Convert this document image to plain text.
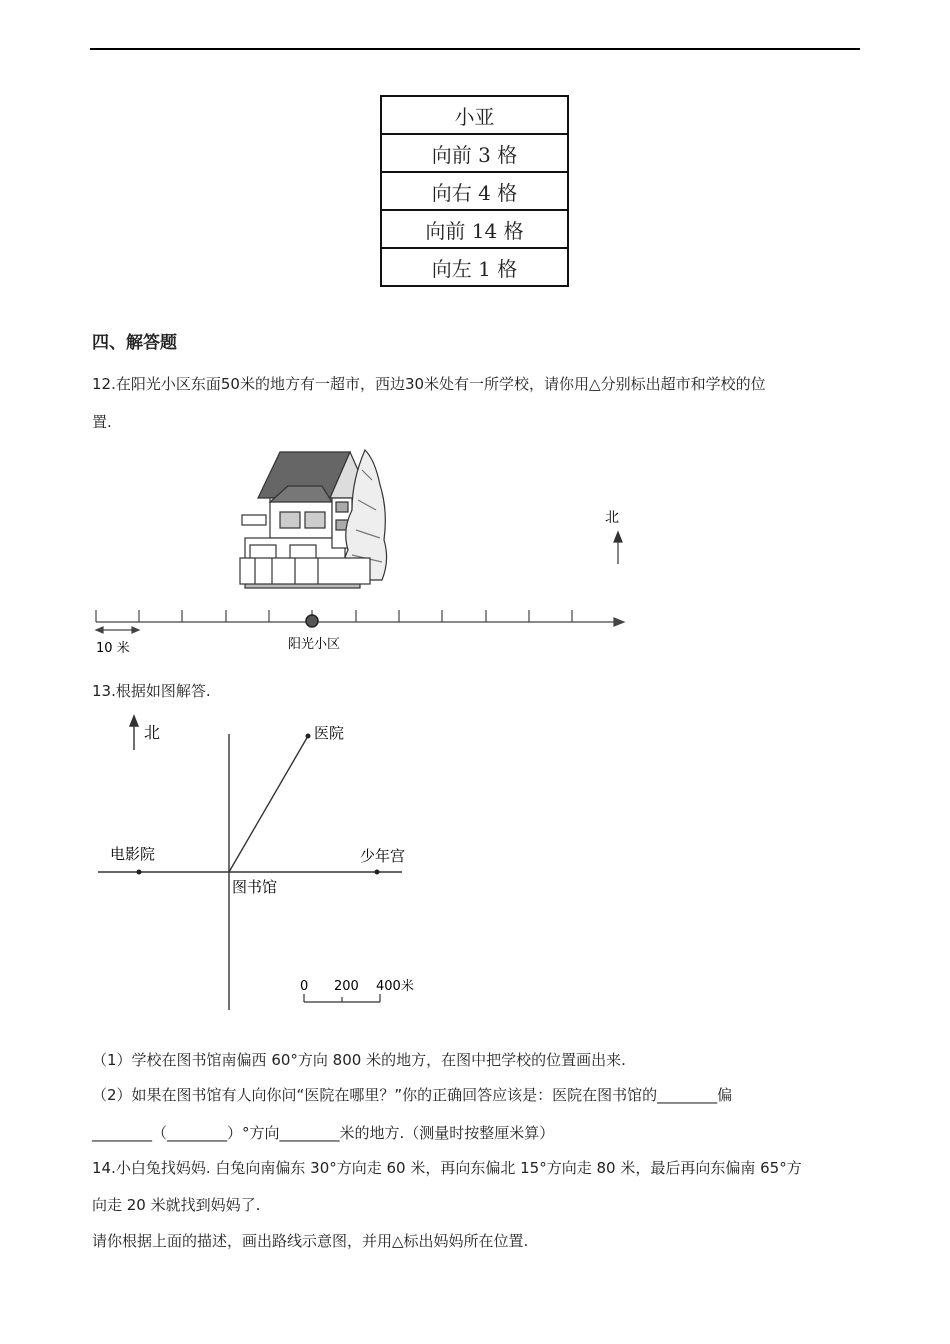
小亚
向前 3 格
向右 4 格
向前 14 格
向左 1 格
四、解答题
12.在阳光小区东面50米的地方有一超市，西边30米处有一所学校，请你用△分别标出超市和学校的位
置.
北
10 米	阳光小区
13.根据如图解答.
北	医院
电影院	少年宫
图书馆
0 200 400米
（1）学校在图书馆南偏西 60°方向 800 米的地方，在图中把学校的位置画出来.
（2）如果在图书馆有人向你问“医院在哪里？”你的正确回答应该是：医院在图书馆的________偏
________（________）°方向________米的地方.（测量时按整厘米算）
14.小白兔找妈妈. 白兔向南偏东 30°方向走 60 米，再向东偏北 15°方向走 80 米，最后再向东偏南 65°方
向走 20 米就找到妈妈了.
请你根据上面的描述，画出路线示意图，并用△标出妈妈所在位置.
